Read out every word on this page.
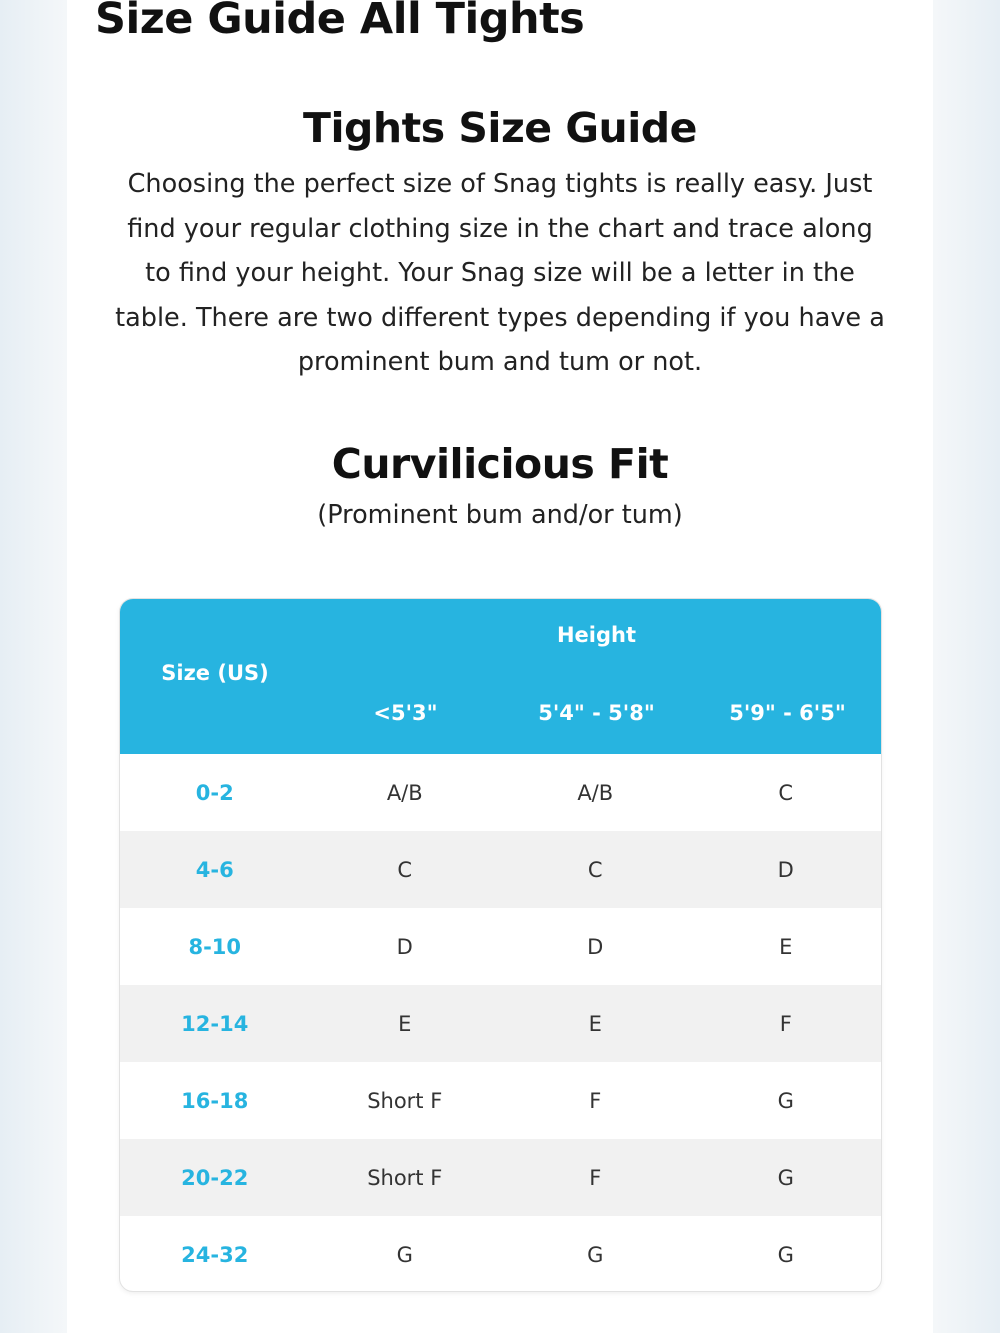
Size Guide All Tights
Tights Size Guide

Choosing the perfect size of Snag tights is really easy. Just find your regular clothing size in the chart and trace along to find your height. Your Snag size will be a letter in the table. There are two different types depending if you have a prominent bum and tum or not.

Curvilicious Fit

(Prominent bum and/or tum)

Size (US)
Height
<5'3"	5'4" - 5'8"	5'9" - 6'5"
0-2	A/B	A/B	C
4-6	C	C	D
8-10	D	D	E
12-14	E	E	F
16-18	Short F	F	G
20-22	Short F	F	G
24-32	G	G	G
